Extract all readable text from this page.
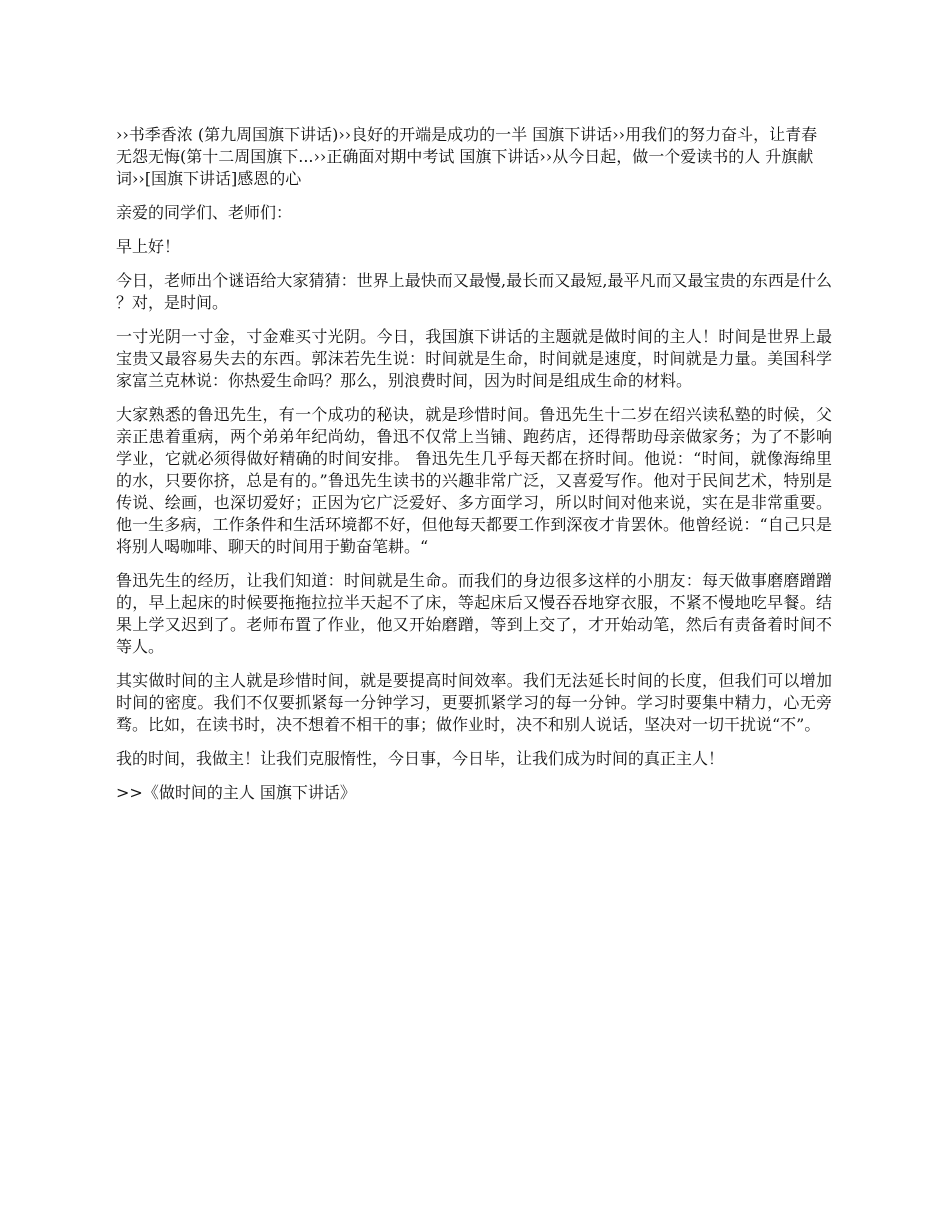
››书季香浓 (第九周国旗下讲话)››良好的开端是成功的一半 国旗下讲话››用我们的努力奋斗，让青春无怨无悔(第十二周国旗下...››正确面对期中考试 国旗下讲话››从今日起，做一个爱读书的人 升旗献词››[国旗下讲话]感恩的心

亲爱的同学们、老师们：

早上好！

今日，老师出个谜语给大家猜猜：世界上最快而又最慢,最长而又最短,最平凡而又最宝贵的东西是什么？对，是时间。

一寸光阴一寸金，寸金难买寸光阴。今日，我国旗下讲话的主题就是做时间的主人！时间是世界上最宝贵又最容易失去的东西。郭沫若先生说：时间就是生命，时间就是速度，时间就是力量。美国科学家富兰克林说：你热爱生命吗？那么，别浪费时间，因为时间是组成生命的材料。

大家熟悉的鲁迅先生，有一个成功的秘诀，就是珍惜时间。鲁迅先生十二岁在绍兴读私塾的时候，父亲正患着重病，两个弟弟年纪尚幼，鲁迅不仅常上当铺、跑药店，还得帮助母亲做家务；为了不影响学业，它就必须得做好精确的时间安排。 鲁迅先生几乎每天都在挤时间。他说：“时间，就像海绵里的水，只要你挤，总是有的。”鲁迅先生读书的兴趣非常广泛，又喜爱写作。他对于民间艺术，特别是传说、绘画，也深切爱好；正因为它广泛爱好、多方面学习，所以时间对他来说，实在是非常重要。他一生多病，工作条件和生活环境都不好，但他每天都要工作到深夜才肯罢休。他曾经说：“自己只是将别人喝咖啡、聊天的时间用于勤奋笔耕。“

鲁迅先生的经历，让我们知道：时间就是生命。而我们的身边很多这样的小朋友：每天做事磨磨蹭蹭的，早上起床的时候要拖拖拉拉半天起不了床，等起床后又慢吞吞地穿衣服，不紧不慢地吃早餐。结果上学又迟到了。老师布置了作业，他又开始磨蹭，等到上交了，才开始动笔，然后有责备着时间不等人。

其实做时间的主人就是珍惜时间，就是要提高时间效率。我们无法延长时间的长度，但我们可以增加时间的密度。我们不仅要抓紧每一分钟学习，更要抓紧学习的每一分钟。学习时要集中精力，心无旁骛。比如，在读书时，决不想着不相干的事；做作业时，决不和别人说话，坚决对一切干扰说“不”。

我的时间，我做主！让我们克服惰性，今日事，今日毕，让我们成为时间的真正主人！

>>《做时间的主人 国旗下讲话》
